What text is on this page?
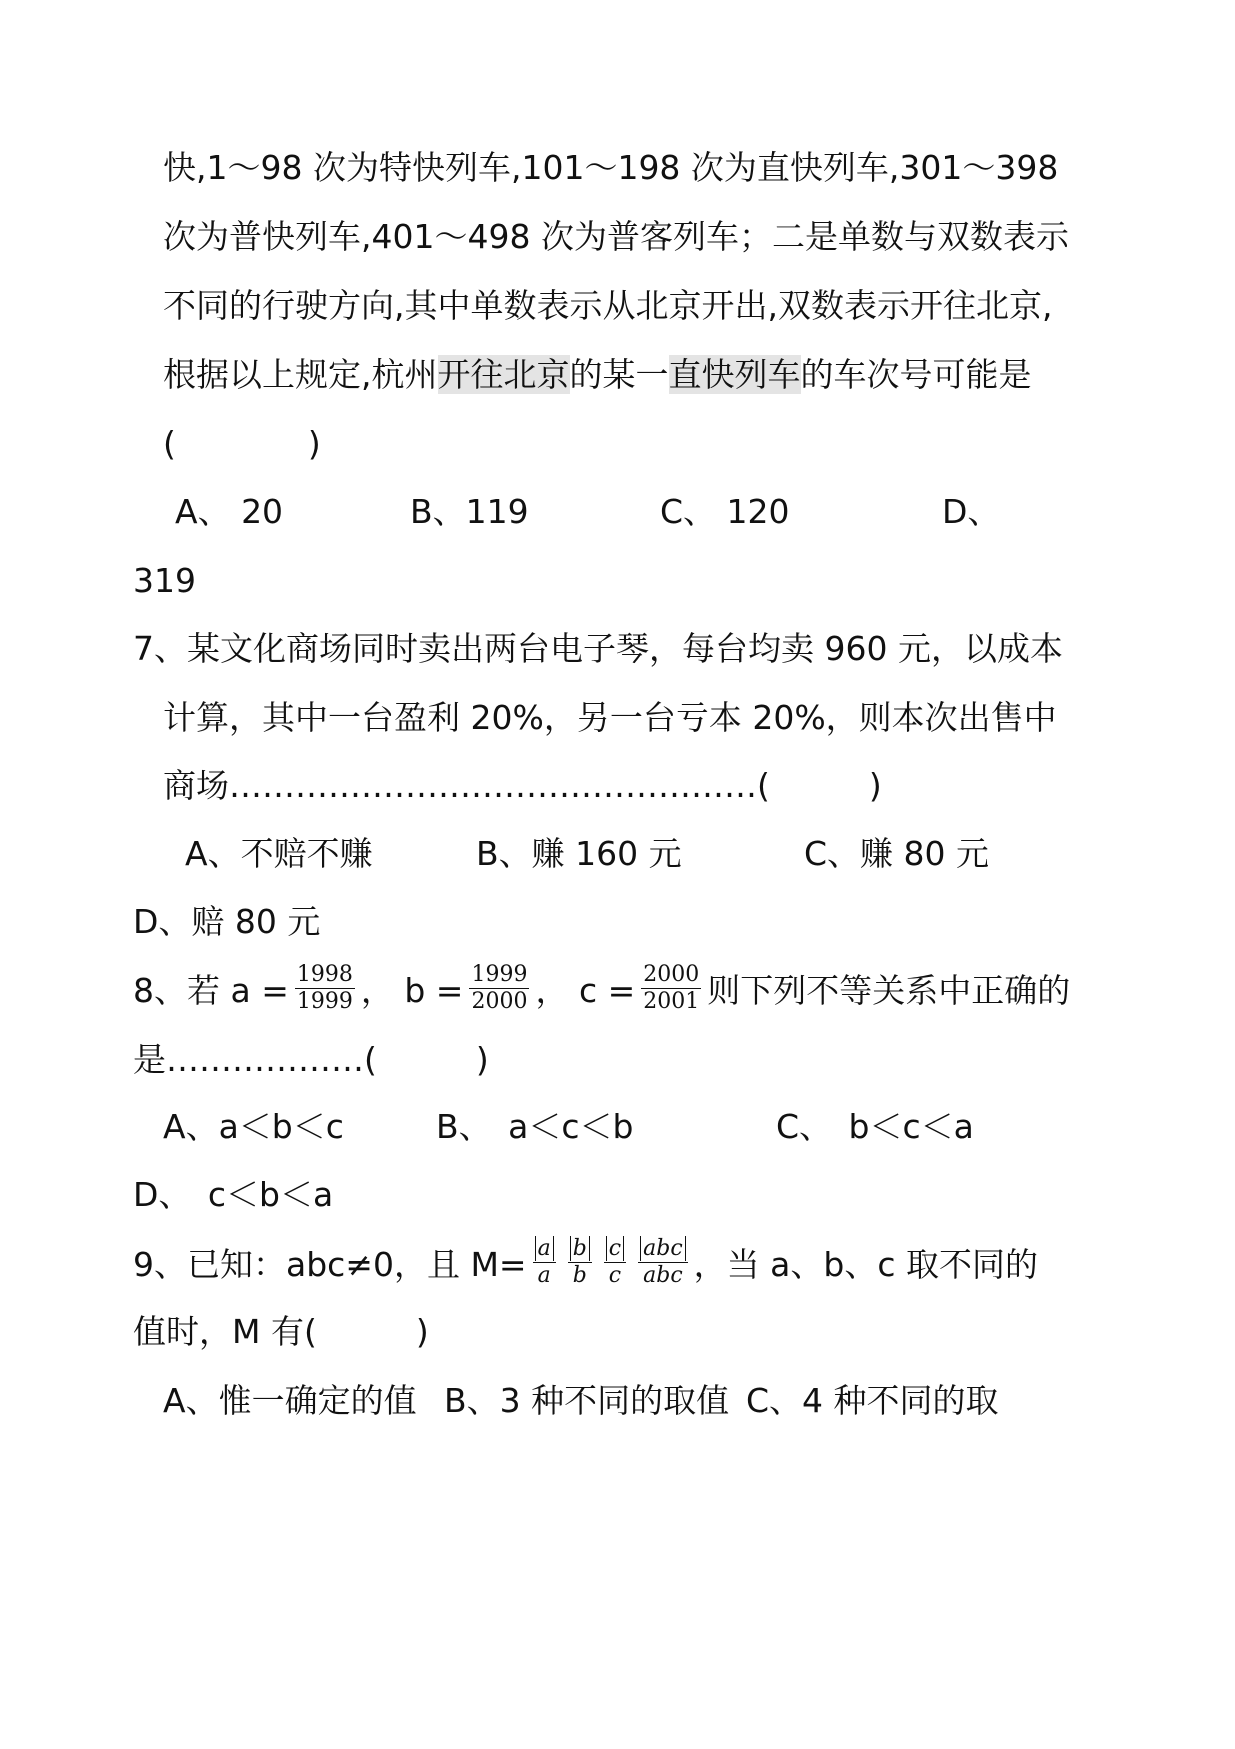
快,1～98 次为特快列车,101～198 次为直快列车,301～398
次为普快列车,401～498 次为普客列车；二是单数与双数表示
不同的行驶方向,其中单数表示从北京开出,双数表示开往北京,
根据以上规定,杭州开往北京的某一直快列车的车次号可能是
(　　　　)
A、 20	B、119	C、 120	D、
319
7、某文化商场同时卖出两台电子琴，每台均卖 960 元，以成本
计算，其中一台盈利 20%，另一台亏本 20%，则本次出售中
商场…………………………………………(　　　)
A、不赔不赚	B、赚 160 元	C、赚 80 元
D、赔 80 元
8、若 $a = \frac{1998}{1999}$ ， $b = \frac{1999}{2000}$ ， $c = \frac{2000}{2001}$ 则下列不等关系中正确的
是………………(　　　)
A、a＜b＜c	B、　a＜c＜b	C、　b＜c＜a
D、　c＜b＜a
9、已知：abc≠0，且 $M= \frac{a}{a} \frac{b}{b} \frac{c}{c} \frac{\text{abc}}{\text{abc}}$ ，当 a、b、c 取不同的
值时，M 有(　　　)
A、惟一确定的值 B、3 种不同的取值 C、4 种不同的取
